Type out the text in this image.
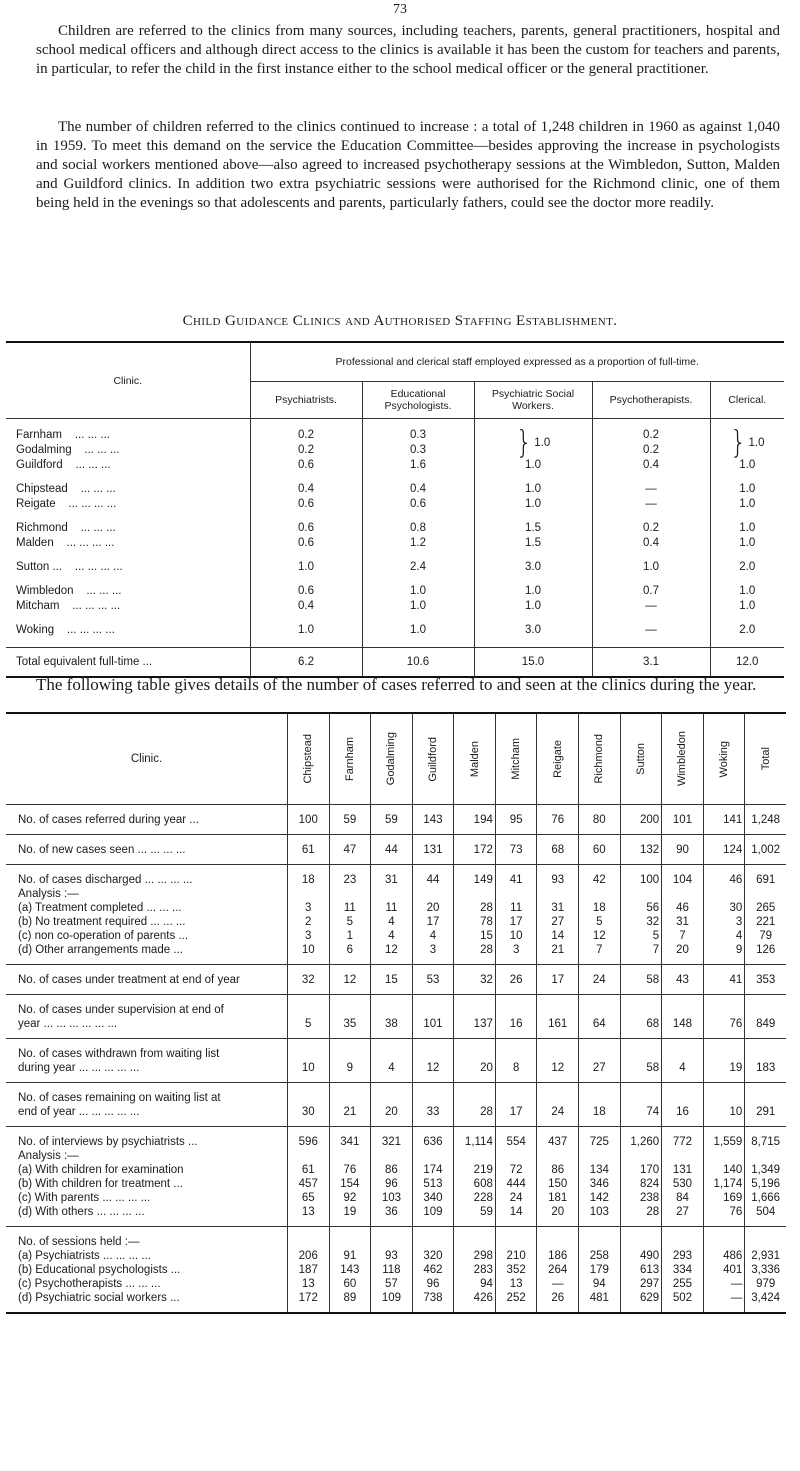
73
Children are referred to the clinics from many sources, including teachers, parents, general practitioners, hospital and school medical officers and although direct access to the clinics is available it has been the custom for teachers and parents, in particular, to refer the child in the first instance either to the school medical officer or the general practitioner.
The number of children referred to the clinics continued to increase : a total of 1,248 children in 1960 as against 1,040 in 1959. To meet this demand on the service the Education Committee—besides approving the increase in psychologists and social workers mentioned above—also agreed to increased psychotherapy sessions at the Wimbledon, Sutton, Malden and Guildford clinics. In addition two extra psychiatric sessions were authorised for the Richmond clinic, one of them being held in the evenings so that adolescents and parents, particularly fathers, could see the doctor more readily.
Child Guidance Clinics and Authorised Staffing Establishment.
Clinic.	Professional and clerical staff employed expressed as a proportion of full-time.				
	Psychiatrists.	Educational Psychologists.	Psychiatric Social Workers.	Psychotherapists.	Clerical.

Farnham ... ... ...	0.2	0.3	} 1.0	0.2	} 1.0
Godalming ... ... ...	0.2	0.3		0.2	
Guildford ... ... ...	0.6	1.6	1.0	0.4	1.0

Chipstead ... ... ...	0.4	0.4	1.0	—	1.0
Reigate ... ... ... ...	0.6	0.6	1.0	—	1.0

Richmond ... ... ...	0.6	0.8	1.5	0.2	1.0
Malden ... ... ... ...	0.6	1.2	1.5	0.4	1.0

Sutton ... ... ... ... ...	1.0	2.4	3.0	1.0	2.0

Wimbledon ... ... ...	0.6	1.0	1.0	0.7	1.0
Mitcham ... ... ... ...	0.4	1.0	1.0	—	1.0

Woking ... ... ... ...	1.0	1.0	3.0	—	2.0

Total equivalent full-time ...	6.2	10.6	15.0	3.1	12.0
The following table gives details of the number of cases referred to and seen at the clinics during the year.
Clinic.	Chipstead	Farnham	Godalming	Guildford	Malden	Mitcham	Reigate	Richmond	Sutton	Wimbledon	Woking	Total

No. of cases referred during year ...	100	59	59	143	194	95	76	80	200	101	141	1,248
No. of new cases seen ... ... ... ...	61	47	44	131	172	73	68	60	132	90	124	1,002
No. of cases discharged ... ... ... ...	18	23	31	44	149	41	93	42	100	104	46	691
Analysis :—												
(a) Treatment completed ... ... ...	3	11	11	20	28	11	31	18	56	46	30	265
(b) No treatment required ... ... ...	2	5	4	17	78	17	27	5	32	31	3	221
(c) non co-operation of parents ...	3	1	4	4	15	10	14	12	5	7	4	79
(d) Other arrangements made ...	10	6	12	3	28	3	21	7	7	20	9	126
No. of cases under treatment at end of year	32	12	15	53	32	26	17	24	58	43	41	353
No. of cases under supervision at end of												
year ... ... ... ... ... ...	5	35	38	101	137	16	161	64	68	148	76	849
No. of cases withdrawn from waiting list												
during year ... ... ... ... ...	10	9	4	12	20	8	12	27	58	4	19	183
No. of cases remaining on waiting list at												
end of year ... ... ... ... ...	30	21	20	33	28	17	24	18	74	16	10	291
No. of interviews by psychiatrists ...	596	341	321	636	1,114	554	437	725	1,260	772	1,559	8,715
Analysis :—												
(a) With children for examination	61	76	86	174	219	72	86	134	170	131	140	1,349
(b) With children for treatment ...	457	154	96	513	608	444	150	346	824	530	1,174	5,196
(c) With parents ... ... ... ...	65	92	103	340	228	24	181	142	238	84	169	1,666
(d) With others ... ... ... ...	13	19	36	109	59	14	20	103	28	27	76	504
No. of sessions held :—												
(a) Psychiatrists ... ... ... ...	206	91	93	320	298	210	186	258	490	293	486	2,931
(b) Educational psychologists ...	187	143	118	462	283	352	264	179	613	334	401	3,336
(c) Psychotherapists ... ... ...	13	60	57	96	94	13	—	94	297	255	—	979
(d) Psychiatric social workers ...	172	89	109	738	426	252	26	481	629	502	—	3,424
